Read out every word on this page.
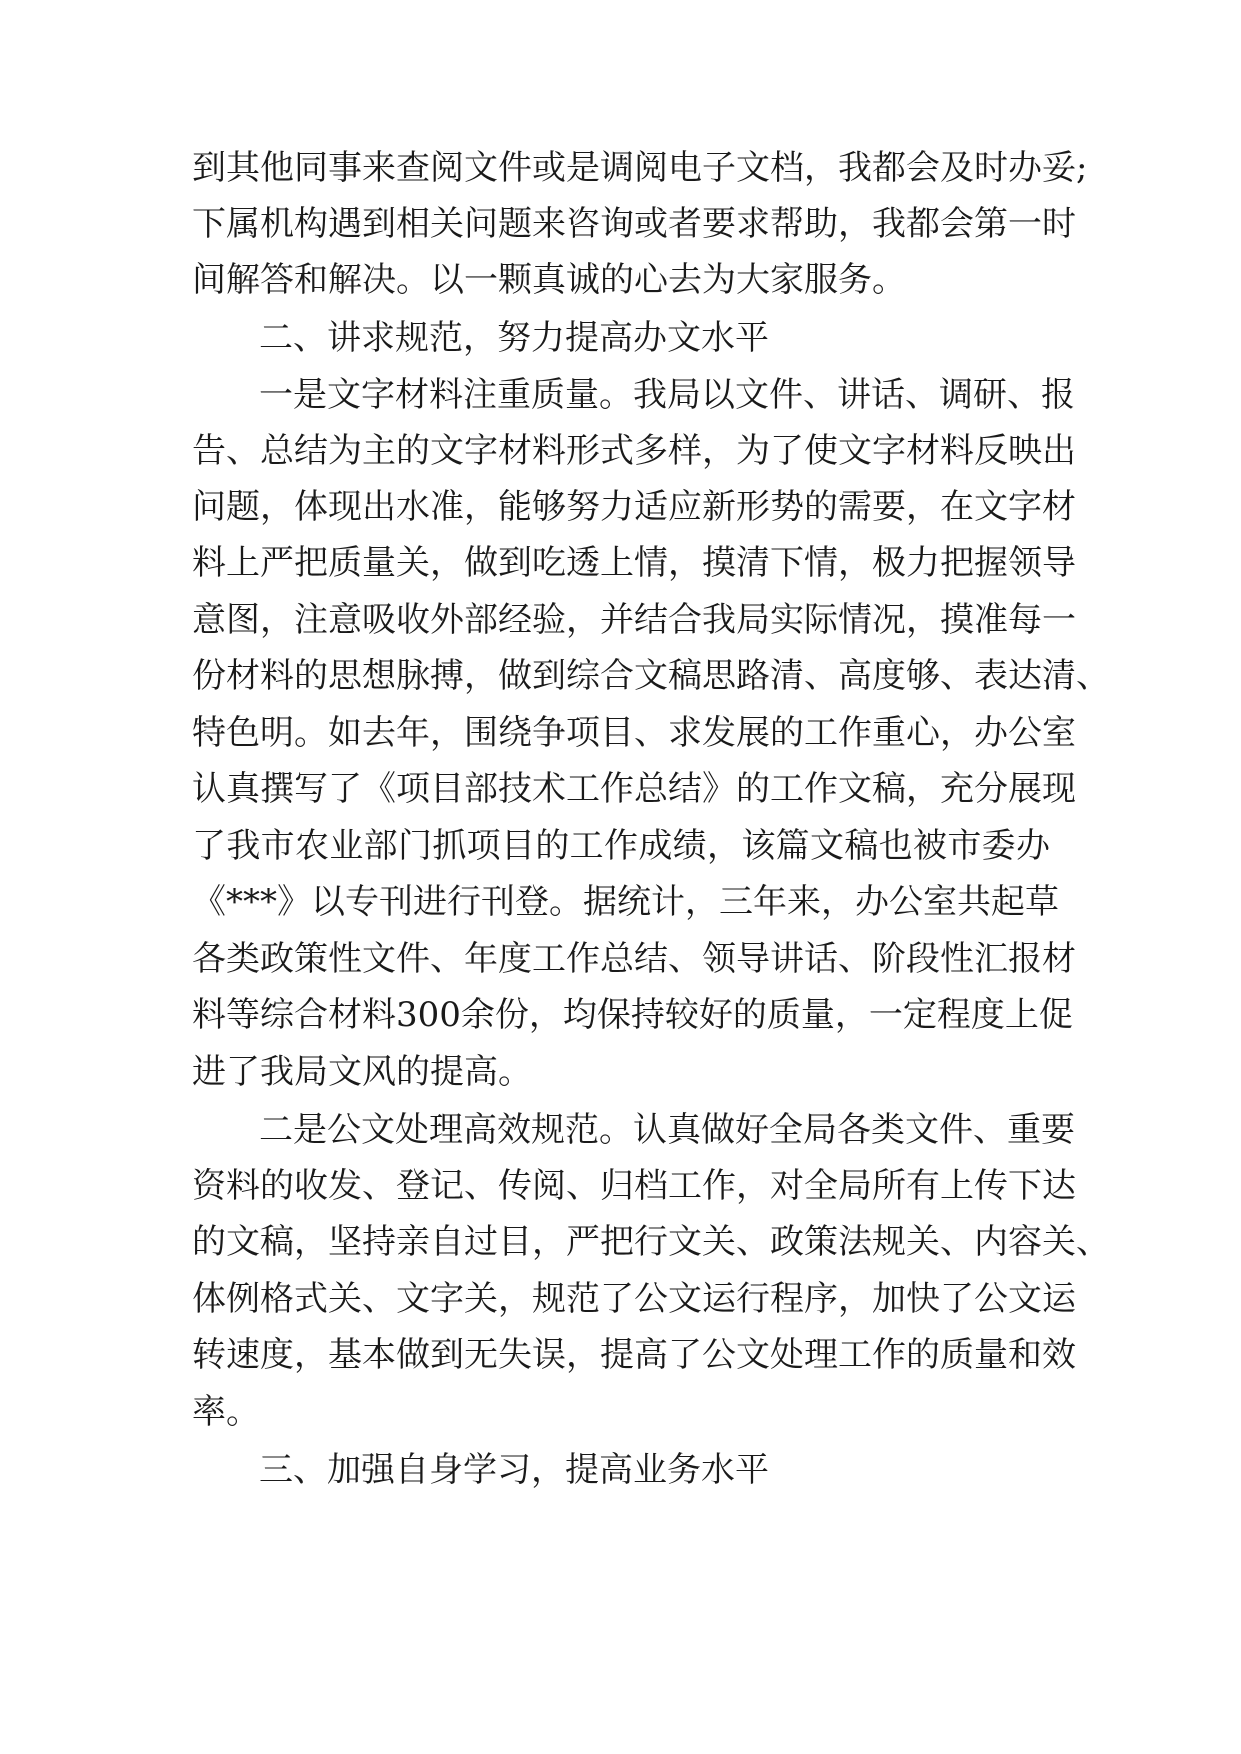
到其他同事来查阅文件或是调阅电子文档，我都会及时办妥;
下属机构遇到相关问题来咨询或者要求帮助，我都会第一时
间解答和解决。以一颗真诚的心去为大家服务。
二、讲求规范，努力提高办文水平
一是文字材料注重质量。我局以文件、讲话、调研、报
告、总结为主的文字材料形式多样，为了使文字材料反映出
问题，体现出水准，能够努力适应新形势的需要，在文字材
料上严把质量关，做到吃透上情，摸清下情，极力把握领导
意图，注意吸收外部经验，并结合我局实际情况，摸准每一
份材料的思想脉搏，做到综合文稿思路清、高度够、表达清、
特色明。如去年，围绕争项目、求发展的工作重心，办公室
认真撰写了《项目部技术工作总结》的工作文稿，充分展现
了我市农业部门抓项目的工作成绩，该篇文稿也被市委办
《***》以专刊进行刊登。据统计，三年来，办公室共起草
各类政策性文件、年度工作总结、领导讲话、阶段性汇报材
料等综合材料300余份，均保持较好的质量，一定程度上促
进了我局文风的提高。
二是公文处理高效规范。认真做好全局各类文件、重要
资料的收发、登记、传阅、归档工作，对全局所有上传下达
的文稿，坚持亲自过目，严把行文关、政策法规关、内容关、
体例格式关、文字关，规范了公文运行程序，加快了公文运
转速度，基本做到无失误，提高了公文处理工作的质量和效
率。
三、加强自身学习，提高业务水平
